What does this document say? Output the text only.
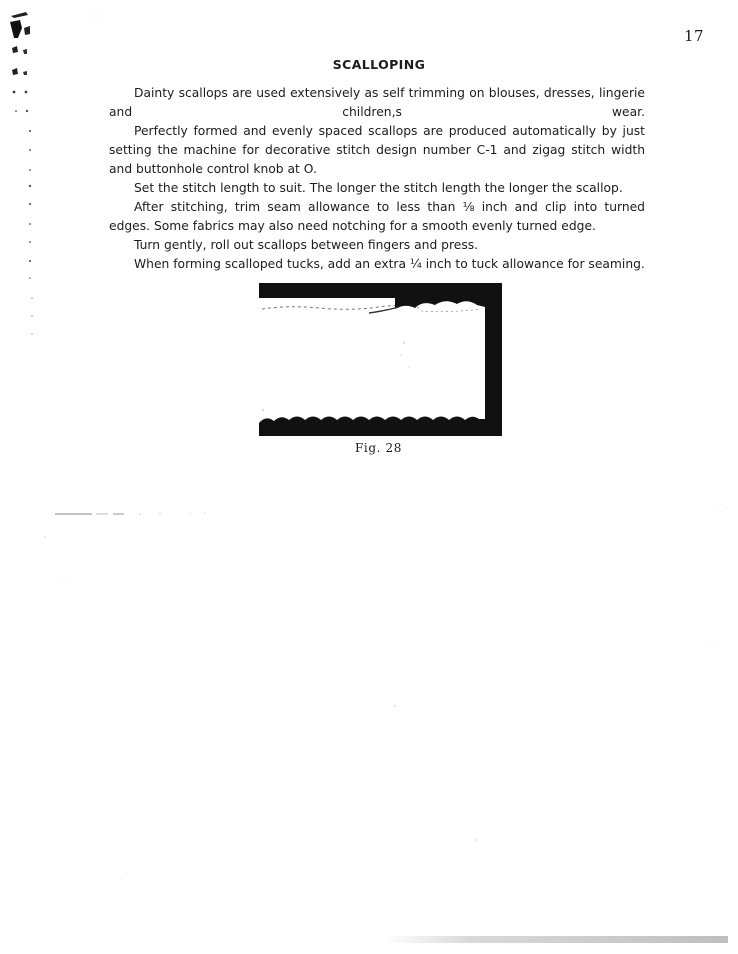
17
SCALLOPING

Dainty scallops are used extensively as self trimming on blouses, dresses, lingerie and children,s wear.

Perfectly formed and evenly spaced scallops are produced automatically by just setting the machine for decorative stitch design number C-1 and zigag stitch width and buttonhole control knob at O.

Set the stitch length to suit. The longer the stitch length the longer the scallop.

After stitching, trim seam allowance to less than ⅛ inch and clip into turned edges. Some fabrics may also need notching for a smooth evenly turned edge.

Turn gently, roll out scallops between fingers and press.

When forming scalloped tucks, add an extra ¼ inch to tuck allowance for seaming.

Fig. 28
